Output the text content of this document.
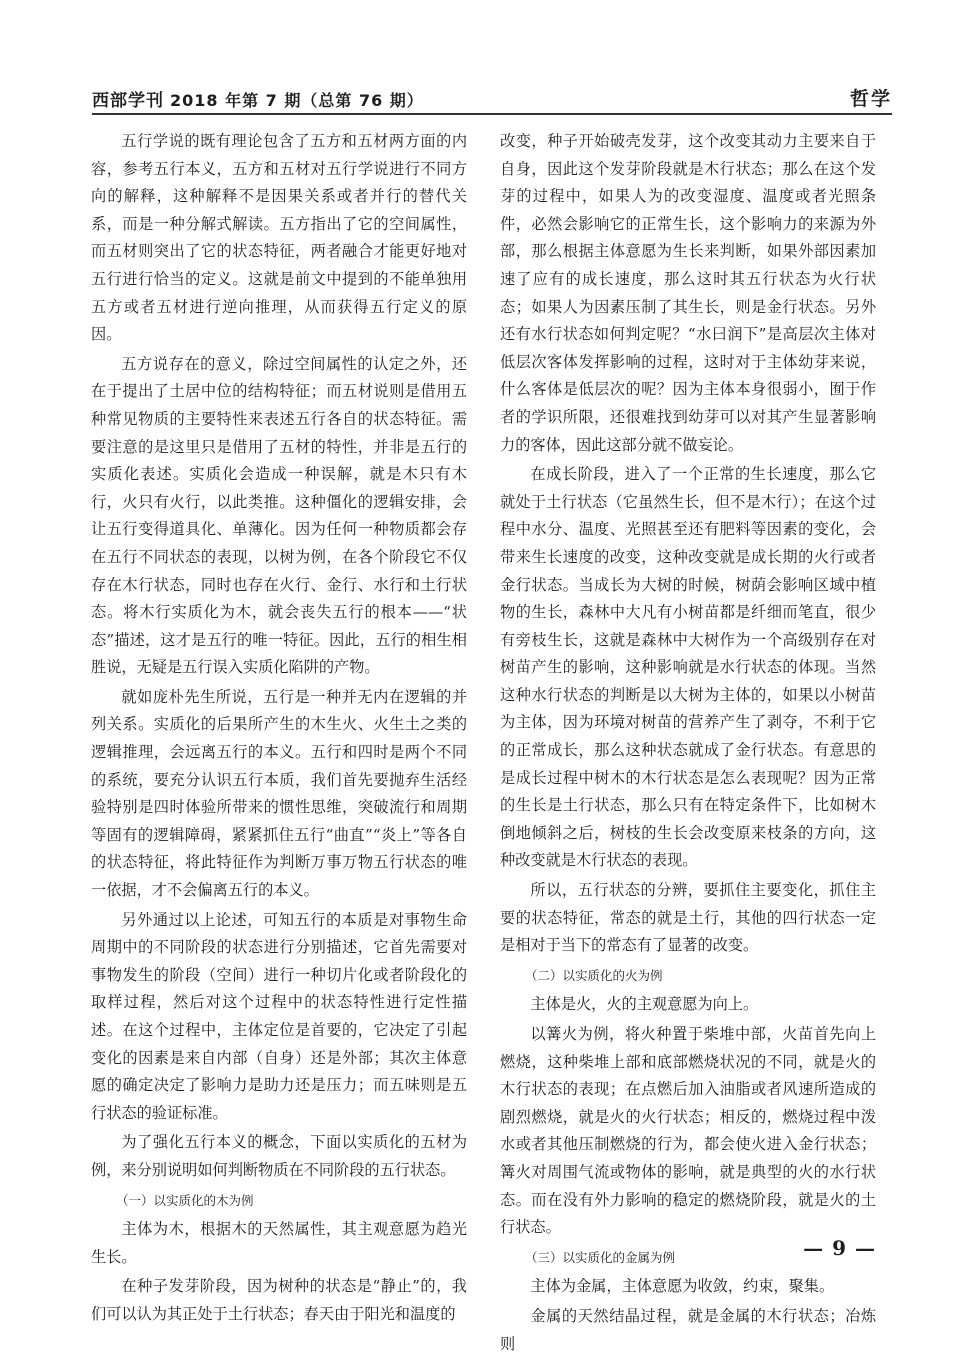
西部学刊 2018 年第 7 期（总第 76 期）	哲学

五行学说的既有理论包含了五方和五材两方面的内容，参考五行本义，五方和五材对五行学说进行不同方向的解释，这种解释不是因果关系或者并行的替代关系，而是一种分解式解读。五方指出了它的空间属性，而五材则突出了它的状态特征，两者融合才能更好地对五行进行恰当的定义。这就是前文中提到的不能单独用五方或者五材进行逆向推理，从而获得五行定义的原因。

五方说存在的意义，除过空间属性的认定之外，还在于提出了土居中位的结构特征；而五材说则是借用五种常见物质的主要特性来表述五行各自的状态特征。需要注意的是这里只是借用了五材的特性，并非是五行的实质化表述。实质化会造成一种误解，就是木只有木行，火只有火行，以此类推。这种僵化的逻辑安排，会让五行变得道具化、单薄化。因为任何一种物质都会存在五行不同状态的表现，以树为例，在各个阶段它不仅存在木行状态，同时也存在火行、金行、水行和土行状态。将木行实质化为木，就会丧失五行的根本——“状态”描述，这才是五行的唯一特征。因此，五行的相生相胜说，无疑是五行误入实质化陷阱的产物。

就如庞朴先生所说，五行是一种并无内在逻辑的并列关系。实质化的后果所产生的木生火、火生土之类的逻辑推理，会远离五行的本义。五行和四时是两个不同的系统，要充分认识五行本质，我们首先要抛弃生活经验特别是四时体验所带来的惯性思维，突破流行和周期等固有的逻辑障碍，紧紧抓住五行“曲直”“炎上”等各自的状态特征，将此特征作为判断万事万物五行状态的唯一依据，才不会偏离五行的本义。

另外通过以上论述，可知五行的本质是对事物生命周期中的不同阶段的状态进行分别描述，它首先需要对事物发生的阶段（空间）进行一种切片化或者阶段化的取样过程，然后对这个过程中的状态特性进行定性描述。在这个过程中，主体定位是首要的，它决定了引起变化的因素是来自内部（自身）还是外部；其次主体意愿的确定决定了影响力是助力还是压力；而五味则是五行状态的验证标准。

为了强化五行本义的概念，下面以实质化的五材为例，来分别说明如何判断物质在不同阶段的五行状态。

（一）以实质化的木为例

主体为木，根据木的天然属性，其主观意愿为趋光生长。

在种子发芽阶段，因为树种的状态是“静止”的，我们可以认为其正处于土行状态；春天由于阳光和温度的

改变，种子开始破壳发芽，这个改变其动力主要来自于自身，因此这个发芽阶段就是木行状态；那么在这个发芽的过程中，如果人为的改变湿度、温度或者光照条件，必然会影响它的正常生长，这个影响力的来源为外部，那么根据主体意愿为生长来判断，如果外部因素加速了应有的成长速度，那么这时其五行状态为火行状态；如果人为因素压制了其生长，则是金行状态。另外还有水行状态如何判定呢？“水曰润下”是高层次主体对低层次客体发挥影响的过程，这时对于主体幼芽来说，什么客体是低层次的呢？因为主体本身很弱小，囿于作者的学识所限，还很难找到幼芽可以对其产生显著影响力的客体，因此这部分就不做妄论。

在成长阶段，进入了一个正常的生长速度，那么它就处于土行状态（它虽然生长，但不是木行）；在这个过程中水分、温度、光照甚至还有肥料等因素的变化，会带来生长速度的改变，这种改变就是成长期的火行或者金行状态。当成长为大树的时候，树荫会影响区域中植物的生长，森林中大凡有小树苗都是纤细而笔直，很少有旁枝生长，这就是森林中大树作为一个高级别存在对树苗产生的影响，这种影响就是水行状态的体现。当然这种水行状态的判断是以大树为主体的，如果以小树苗为主体，因为环境对树苗的营养产生了剥夺，不利于它的正常成长，那么这种状态就成了金行状态。有意思的是成长过程中树木的木行状态是怎么表现呢？因为正常的生长是土行状态，那么只有在特定条件下，比如树木倒地倾斜之后，树枝的生长会改变原来枝条的方向，这种改变就是木行状态的表现。

所以，五行状态的分辨，要抓住主要变化，抓住主要的状态特征，常态的就是土行，其他的四行状态一定是相对于当下的常态有了显著的改变。

（二）以实质化的火为例

主体是火，火的主观意愿为向上。

以篝火为例，将火种置于柴堆中部，火苗首先向上燃烧，这种柴堆上部和底部燃烧状况的不同，就是火的木行状态的表现；在点燃后加入油脂或者风速所造成的剧烈燃烧，就是火的火行状态；相反的，燃烧过程中泼水或者其他压制燃烧的行为，都会使火进入金行状态；篝火对周围气流或物体的影响，就是典型的火的水行状态。而在没有外力影响的稳定的燃烧阶段，就是火的土行状态。

（三）以实质化的金属为例

主体为金属，主体意愿为收敛，约束，聚集。

金属的天然结晶过程，就是金属的木行状态；冶炼则

— 9 —
